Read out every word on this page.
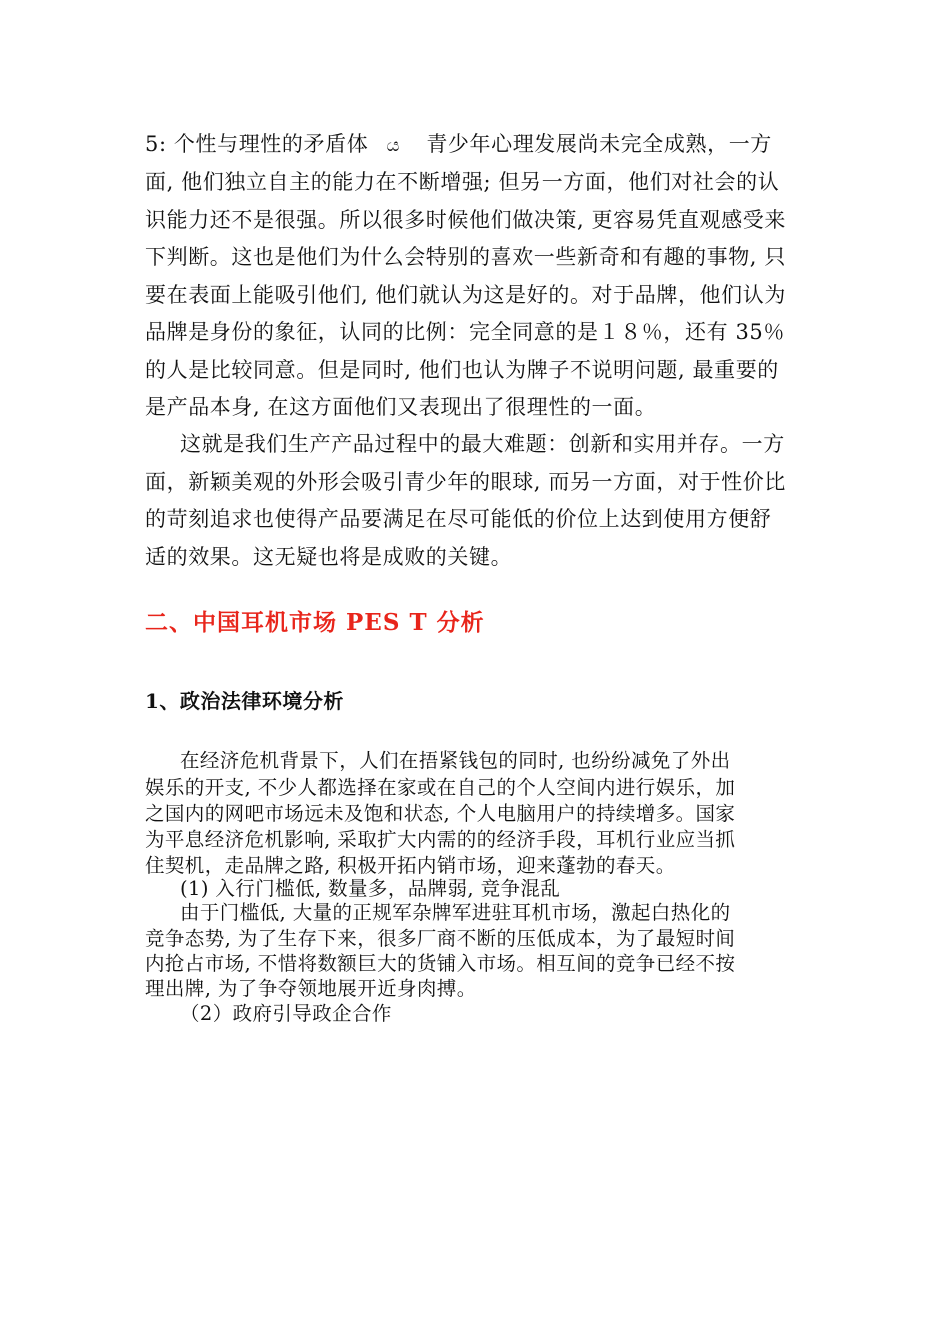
5: 个性与理性的矛盾体 ය 青少年心理发展尚未完全成熟，一方
面, 他们独立自主的能力在不断增强; 但另一方面，他们对社会的认
识能力还不是很强。所以很多时候他们做决策, 更容易凭直观感受来
下判断。这也是他们为什么会特别的喜欢一些新奇和有趣的事物, 只
要在表面上能吸引他们, 他们就认为这是好的。对于品牌，他们认为
品牌是身份的象征，认同的比例：完全同意的是１８％，还有 35％
的人是比较同意。但是同时, 他们也认为牌子不说明问题, 最重要的
是产品本身, 在这方面他们又表现出了很理性的一面。
这就是我们生产产品过程中的最大难题：创新和实用并存。一方
面，新颖美观的外形会吸引青少年的眼球, 而另一方面，对于性价比
的苛刻追求也使得产品要满足在尽可能低的价位上达到使用方便舒
适的效果。这无疑也将是成败的关键。
二、中国耳机市场 PES T 分析
1、政治法律环境分析
在经济危机背景下，人们在捂紧钱包的同时, 也纷纷减免了外出
娱乐的开支, 不少人都选择在家或在自己的个人空间内进行娱乐，加
之国内的网吧市场远未及饱和状态, 个人电脑用户的持续增多。国家
为平息经济危机影响, 采取扩大内需的的经济手段，耳机行业应当抓
住契机，走品牌之路, 积极开拓内销市场，迎来蓬勃的春天。
(1) 入行门槛低, 数量多，品牌弱, 竞争混乱
由于门槛低, 大量的正规军杂牌军进驻耳机市场，激起白热化的
竞争态势, 为了生存下来，很多厂商不断的压低成本，为了最短时间
内抢占市场, 不惜将数额巨大的货铺入市场。相互间的竞争已经不按
理出牌, 为了争夺领地展开近身肉搏。
（2）政府引导政企合作
